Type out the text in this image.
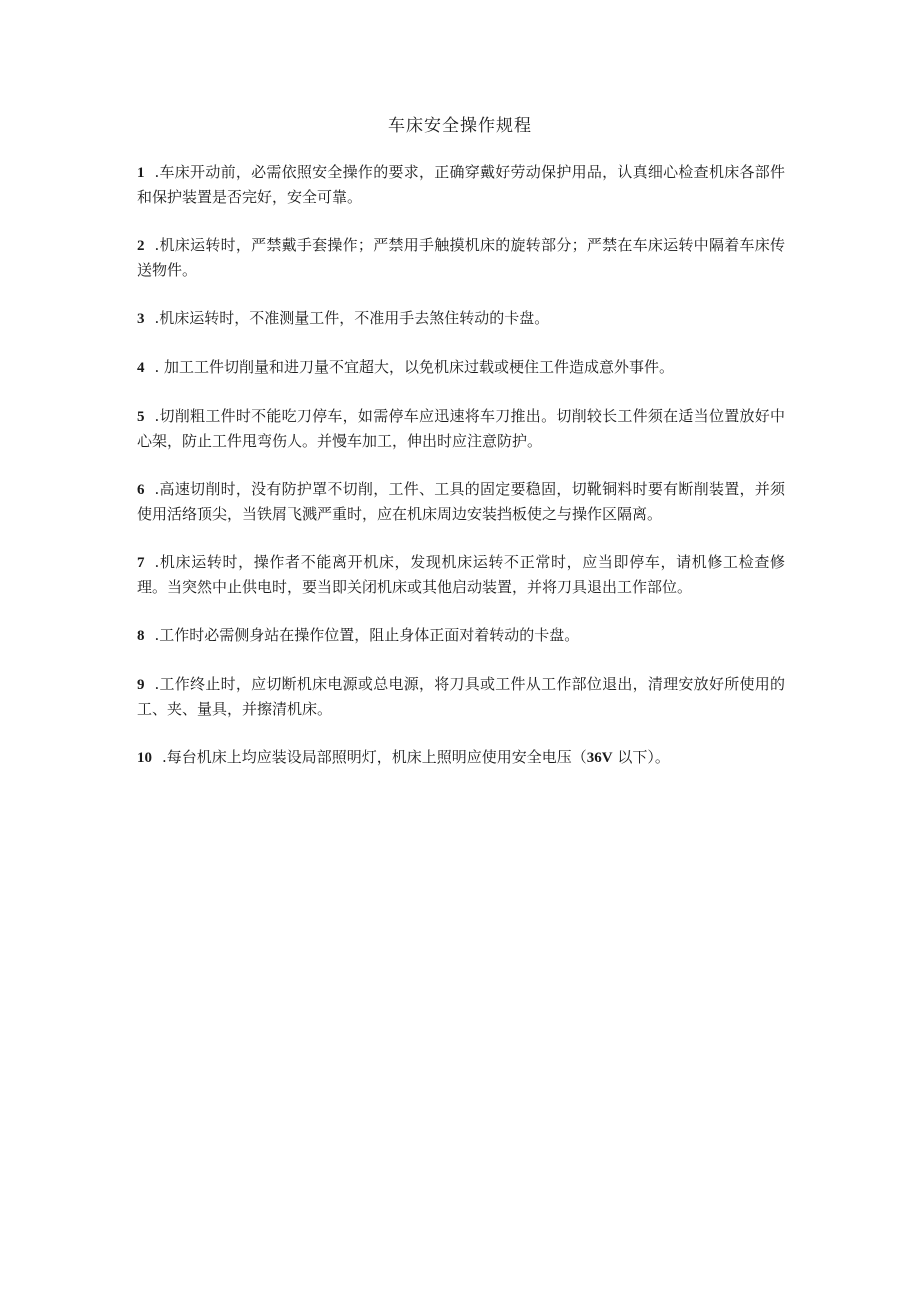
车床安全操作规程
1 .车床开动前，必需依照安全操作的要求，正确穿戴好劳动保护用品，认真细心检查机床各部件和保护装置是否完好，安全可靠。
2 .机床运转时，严禁戴手套操作；严禁用手触摸机床的旋转部分；严禁在车床运转中隔着车床传送物件。
3 .机床运转时，不准测量工件，不准用手去煞住转动的卡盘。
4 . 加工工件切削量和进刀量不宜超大，以免机床过载或梗住工件造成意外事件。
5 .切削粗工件时不能吃刀停车，如需停车应迅速将车刀推出。切削较长工件须在适当位置放好中心架，防止工件甩弯伤人。并慢车加工，伸出时应注意防护。
6 .高速切削时，没有防护罩不切削，工件、工具的固定要稳固，切靴铜料时要有断削装置，并须使用活络顶尖，当铁屑飞溅严重时，应在机床周边安装挡板使之与操作区隔离。
7 .机床运转时，操作者不能离开机床，发现机床运转不正常时，应当即停车，请机修工检查修理。当突然中止供电时，要当即关闭机床或其他启动装置，并将刀具退出工作部位。
8 .工作时必需侧身站在操作位置，阻止身体正面对着转动的卡盘。
9 .工作终止时，应切断机床电源或总电源，将刀具或工件从工作部位退出，清理安放好所使用的工、夹、量具，并擦清机床。
10 .每台机床上均应装设局部照明灯，机床上照明应使用安全电压（36V 以下）。
